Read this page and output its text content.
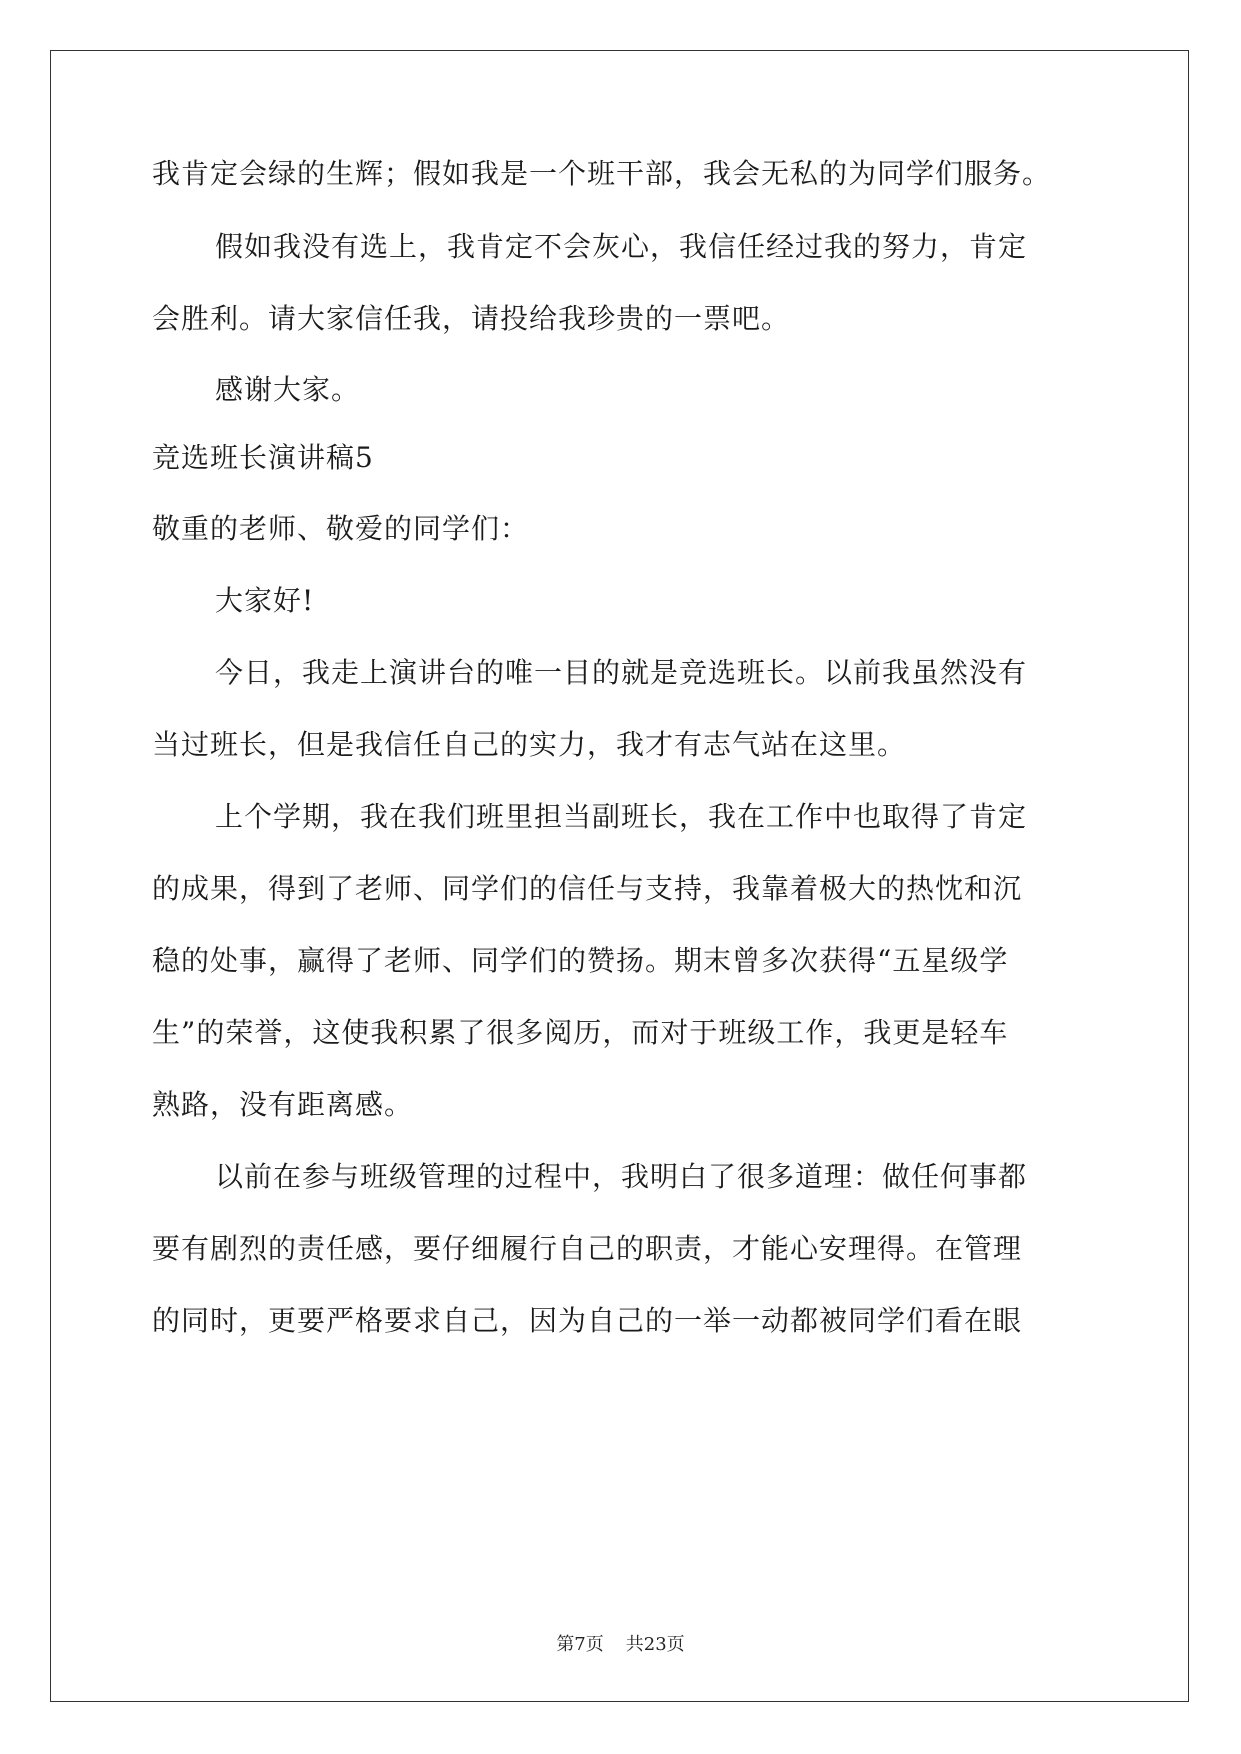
我肯定会绿的生辉；假如我是一个班干部，我会无私的为同学们服务。
假如我没有选上，我肯定不会灰心，我信任经过我的努力，肯定
会胜利。请大家信任我，请投给我珍贵的一票吧。
感谢大家。
竞选班长演讲稿5
敬重的老师、敬爱的同学们：
大家好!
今日，我走上演讲台的唯一目的就是竞选班长。以前我虽然没有
当过班长，但是我信任自己的实力，我才有志气站在这里。
上个学期，我在我们班里担当副班长，我在工作中也取得了肯定
的成果，得到了老师、同学们的信任与支持，我靠着极大的热忱和沉
稳的处事，赢得了老师、同学们的赞扬。期末曾多次获得“五星级学
生”的荣誉，这使我积累了很多阅历，而对于班级工作，我更是轻车
熟路，没有距离感。
以前在参与班级管理的过程中，我明白了很多道理：做任何事都
要有剧烈的责任感，要仔细履行自己的职责，才能心安理得。在管理
的同时，更要严格要求自己，因为自己的一举一动都被同学们看在眼
第7页 共23页
